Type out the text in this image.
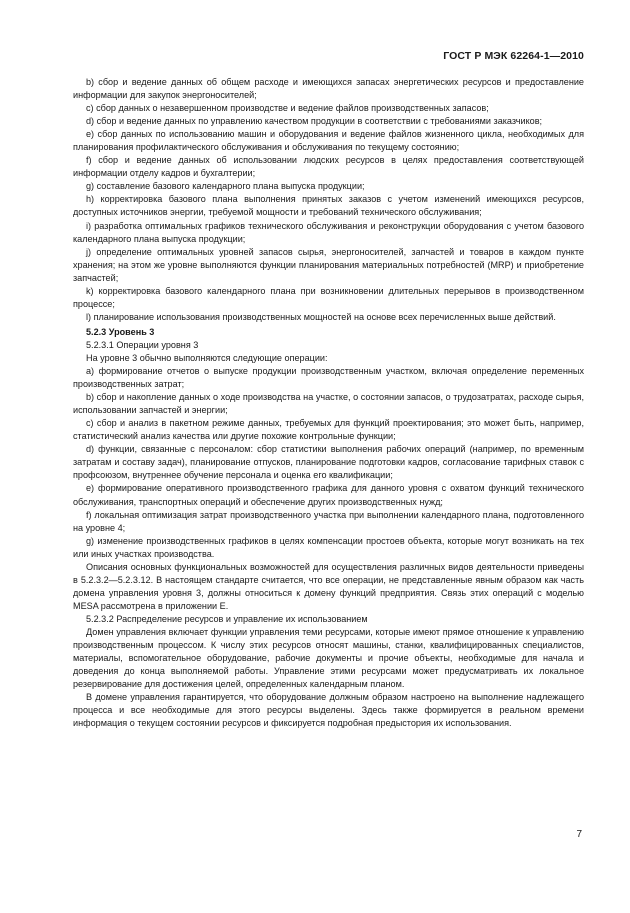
ГОСТ Р МЭК 62264-1—2010

b) сбор и ведение данных об общем расходе и имеющихся запасах энергетических ресурсов и предоставление информации для закупок энергоносителей;

c) сбор данных о незавершенном производстве и ведение файлов производственных запасов;

d) сбор и ведение данных по управлению качеством продукции в соответствии с требованиями заказчиков;

e) сбор данных по использованию машин и оборудования и ведение файлов жизненного цикла, необходимых для планирования профилактического обслуживания и обслуживания по текущему состоянию;

f) сбор и ведение данных об использовании людских ресурсов в целях предоставления соответствующей информации отделу кадров и бухгалтерии;

g) составление базового календарного плана выпуска продукции;

h) корректировка базового плана выполнения принятых заказов с учетом изменений имеющихся ресурсов, доступных источников энергии, требуемой мощности и требований технического обслуживания;

i) разработка оптимальных графиков технического обслуживания и реконструкции оборудования с учетом базового календарного плана выпуска продукции;

j) определение оптимальных уровней запасов сырья, энергоносителей, запчастей и товаров в каждом пункте хранения; на этом же уровне выполняются функции планирования материальных потребностей (MRP) и приобретение запчастей;

k) корректировка базового календарного плана при возникновении длительных перерывов в производственном процессе;

l) планирование использования производственных мощностей на основе всех перечисленных выше действий.

5.2.3 Уровень 3

5.2.3.1 Операции уровня 3

На уровне 3 обычно выполняются следующие операции:

a) формирование отчетов о выпуске продукции производственным участком, включая определение переменных производственных затрат;

b) сбор и накопление данных о ходе производства на участке, о состоянии запасов, о трудозатратах, расходе сырья, использовании запчастей и энергии;

c) сбор и анализ в пакетном режиме данных, требуемых для функций проектирования; это может быть, например, статистический анализ качества или другие похожие контрольные функции;

d) функции, связанные с персоналом: сбор статистики выполнения рабочих операций (например, по временным затратам и составу задач), планирование отпусков, планирование подготовки кадров, согласование тарифных ставок с профсоюзом, внутреннее обучение персонала и оценка его квалификации;

e) формирование оперативного производственного графика для данного уровня с охватом функций технического обслуживания, транспортных операций и обеспечение других производственных нужд;

f) локальная оптимизация затрат производственного участка при выполнении календарного плана, подготовленного на уровне 4;

g) изменение производственных графиков в целях компенсации простоев объекта, которые могут возникать на тех или иных участках производства.

Описания основных функциональных возможностей для осуществления различных видов деятельности приведены в 5.2.3.2—5.2.3.12. В настоящем стандарте считается, что все операции, не представленные явным образом как часть домена управления уровня 3, должны относиться к домену функций предприятия. Связь этих операций с моделью MESA рассмотрена в приложении Е.

5.2.3.2 Распределение ресурсов и управление их использованием

Домен управления включает функции управления теми ресурсами, которые имеют прямое отношение к управлению производственным процессом. К числу этих ресурсов относят машины, станки, квалифицированных специалистов, материалы, вспомогательное оборудование, рабочие документы и прочие объекты, необходимые для начала и доведения до конца выполняемой работы. Управление этими ресурсами может предусматривать их локальное резервирование для достижения целей, определенных календарным планом.

В домене управления гарантируется, что оборудование должным образом настроено на выполнение надлежащего процесса и все необходимые для этого ресурсы выделены. Здесь также формируется в реальном времени информация о текущем состоянии ресурсов и фиксируется подробная предыстория их использования.

7
